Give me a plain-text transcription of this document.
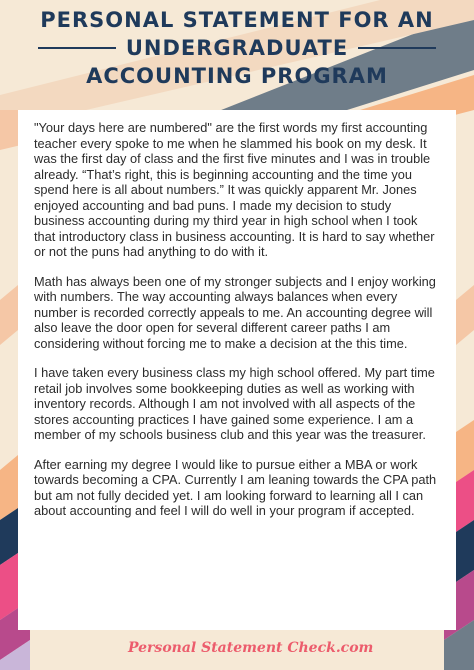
PERSONAL STATEMENT FOR AN
UNDERGRADUATE
ACCOUNTING PROGRAM

"Your days here are numbered" are the first words my first accounting teacher every spoke to me when he slammed his book on my desk. It was the first day of class and the first five minutes and I was in trouble already. “That’s right, this is beginning accounting and the time you spend here is all about numbers.” It was quickly apparent Mr. Jones enjoyed accounting and bad puns. I made my decision to study business accounting during my third year in high school when I took that introductory class in business accounting. It is hard to say whether or not the puns had anything to do with it.

Math has always been one of my stronger subjects and I enjoy working with numbers. The way accounting always balances when every number is recorded correctly appeals to me. An accounting degree will also leave the door open for several different career paths I am considering without forcing me to make a decision at the this time.

I have taken every business class my high school offered. My part time retail job involves some bookkeeping duties as well as working with inventory records. Although I am not involved with all aspects of the stores accounting practices I have gained some experience. I am a member of my schools business club and this year was the treasurer.

After earning my degree I would like to pursue either a MBA or work towards becoming a CPA. Currently I am leaning towards the CPA path but am not fully decided yet. I am looking forward to learning all I can about accounting and feel I will do well in your program if accepted.

Personal Statement Check.com
